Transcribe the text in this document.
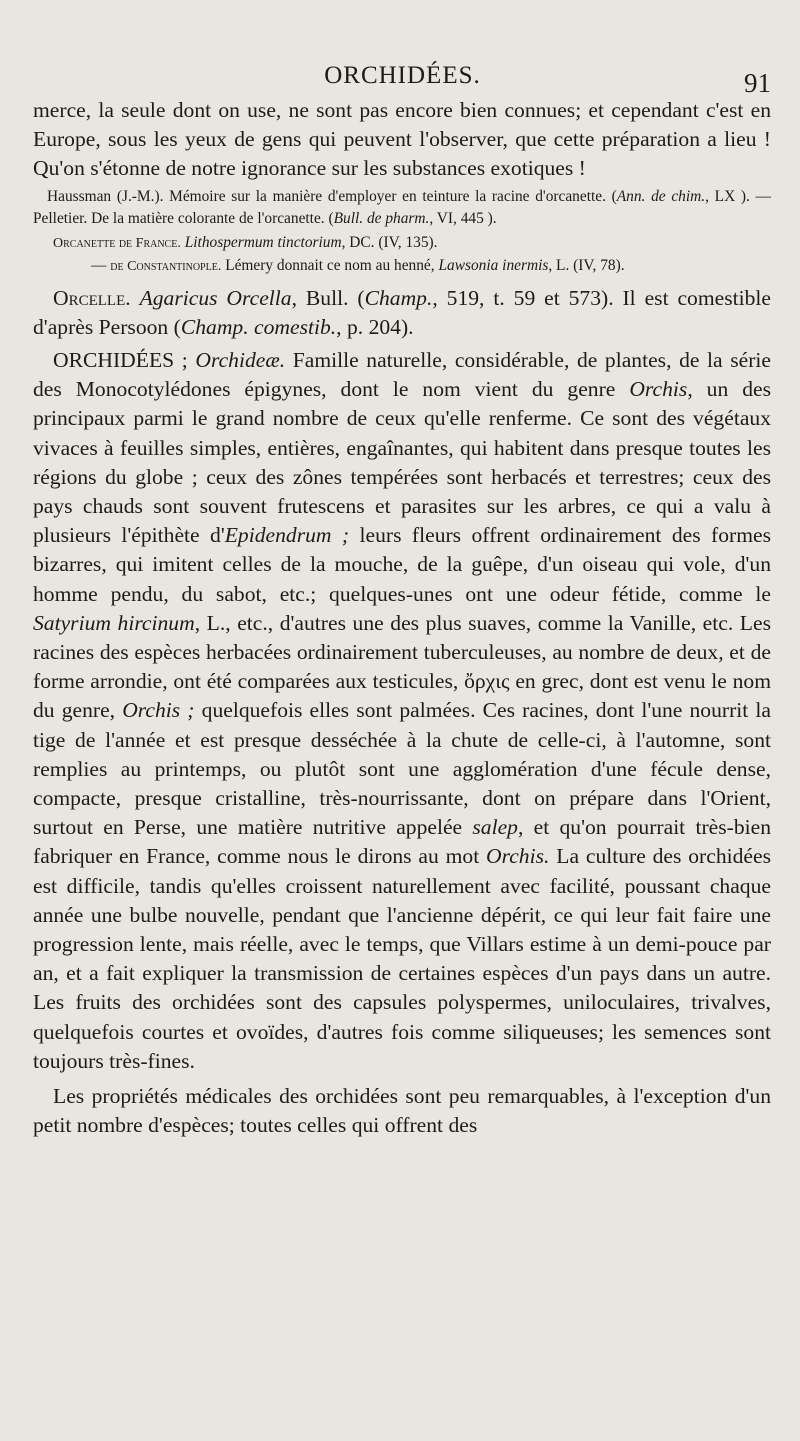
ORCHIDÉES.	91

merce, la seule dont on use, ne sont pas encore bien connues; et cependant c'est en Europe, sous les yeux de gens qui peuvent l'observer, que cette préparation a lieu ! Qu'on s'étonne de notre ignorance sur les substances exotiques !

Haussman (J.-M.). Mémoire sur la manière d'employer en teinture la racine d'orcanette. (Ann. de chim., LX ). — Pelletier. De la matière colorante de l'orcanette. (Bull. de pharm., VI, 445 ).

Orcanette de France. Lithospermum tinctorium, DC. (IV, 135).

— de Constantinople. Lémery donnait ce nom au henné, Lawsonia inermis, L. (IV, 78).

Orcelle. Agaricus Orcella, Bull. (Champ., 519, t. 59 et 573). Il est comestible d'après Persoon (Champ. comestib., p. 204).

ORCHIDÉES ; Orchideæ. Famille naturelle, considérable, de plantes, de la série des Monocotylédones épigynes, dont le nom vient du genre Orchis, un des principaux parmi le grand nombre de ceux qu'elle renferme. Ce sont des végétaux vivaces à feuilles simples, entières, engaînantes, qui habitent dans presque toutes les régions du globe ; ceux des zônes tempérées sont herbacés et terrestres; ceux des pays chauds sont souvent frutescens et parasites sur les arbres, ce qui a valu à plusieurs l'épithète d'Epidendrum ; leurs fleurs offrent ordinairement des formes bizarres, qui imitent celles de la mouche, de la guêpe, d'un oiseau qui vole, d'un homme pendu, du sabot, etc.; quelques-unes ont une odeur fétide, comme le Satyrium hircinum, L., etc., d'autres une des plus suaves, comme la Vanille, etc. Les racines des espèces herbacées ordinairement tuberculeuses, au nombre de deux, et de forme arrondie, ont été comparées aux testicules, ὄρχις en grec, dont est venu le nom du genre, Orchis ; quelquefois elles sont palmées. Ces racines, dont l'une nourrit la tige de l'année et est presque desséchée à la chute de celle-ci, à l'automne, sont remplies au printemps, ou plutôt sont une agglomération d'une fécule dense, compacte, presque cristalline, très-nourrissante, dont on prépare dans l'Orient, surtout en Perse, une matière nutritive appelée salep, et qu'on pourrait très-bien fabriquer en France, comme nous le dirons au mot Orchis. La culture des orchidées est difficile, tandis qu'elles croissent naturellement avec facilité, poussant chaque année une bulbe nouvelle, pendant que l'ancienne dépérit, ce qui leur fait faire une progression lente, mais réelle, avec le temps, que Villars estime à un demi-pouce par an, et a fait expliquer la transmission de certaines espèces d'un pays dans un autre. Les fruits des orchidées sont des capsules polyspermes, uniloculaires, trivalves, quelquefois courtes et ovoïdes, d'autres fois comme siliqueuses; les semences sont toujours très-fines.

Les propriétés médicales des orchidées sont peu remarquables, à l'exception d'un petit nombre d'espèces; toutes celles qui offrent des
